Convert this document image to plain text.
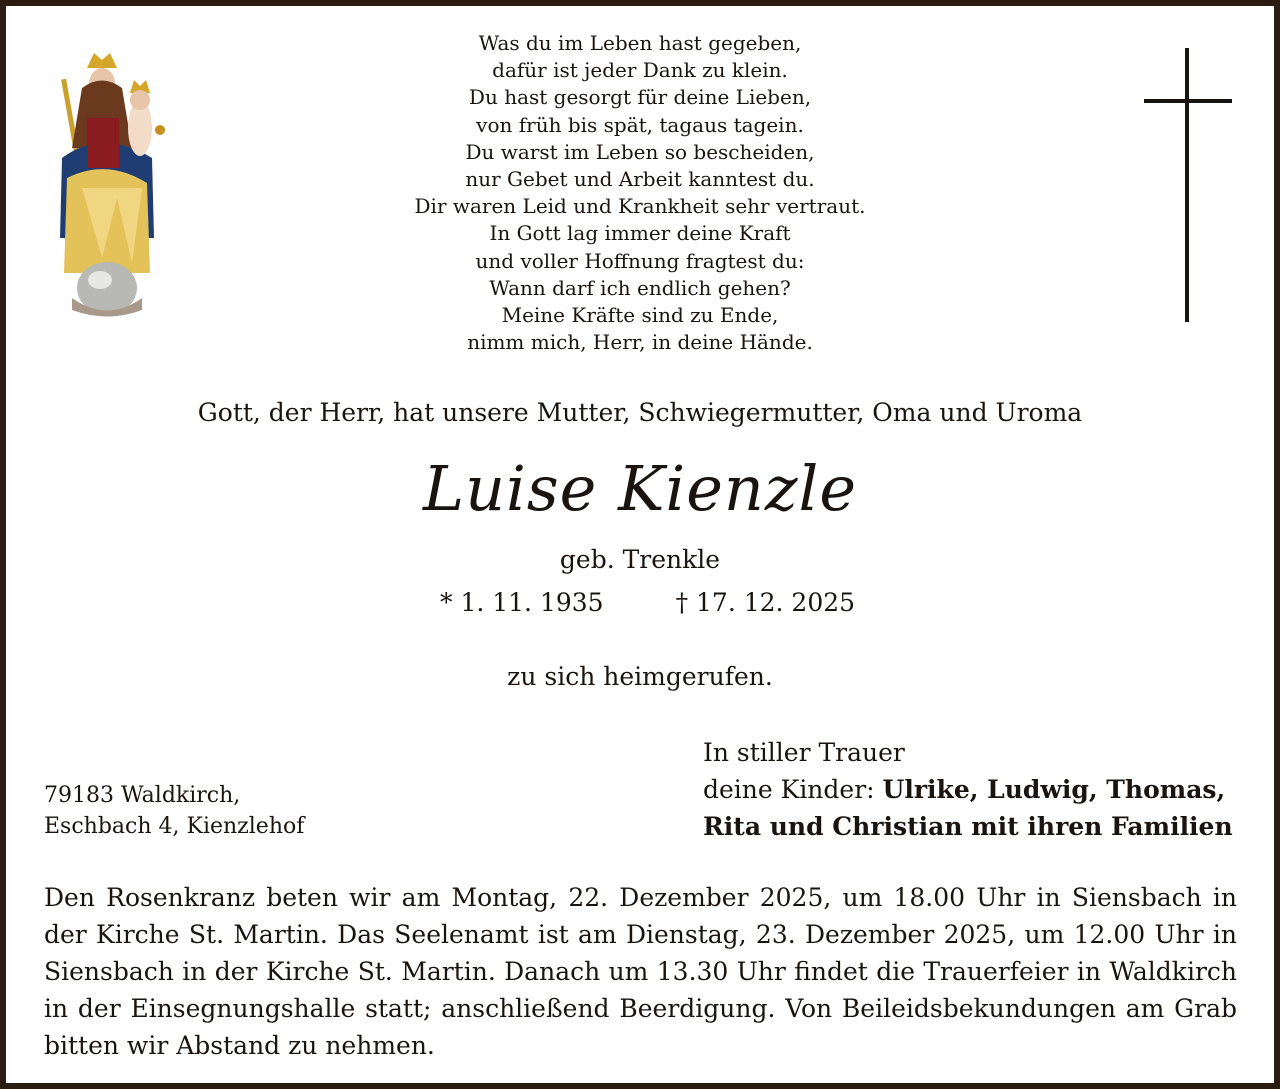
Was du im Leben hast gegeben,
dafür ist jeder Dank zu klein.
Du hast gesorgt für deine Lieben,
von früh bis spät, tagaus tagein.
Du warst im Leben so bescheiden,
nur Gebet und Arbeit kanntest du.
Dir waren Leid und Krankheit sehr vertraut.
In Gott lag immer deine Kraft
und voller Hoffnung fragtest du:
Wann darf ich endlich gehen?
Meine Kräfte sind zu Ende,
nimm mich, Herr, in deine Hände.
Gott, der Herr, hat unsere Mutter, Schwiegermutter, Oma und Uroma
Luise Kienzle
geb. Trenkle
* 1. 11. 1935	† 17. 12. 2025
zu sich heimgerufen.
79183 Waldkirch,
Eschbach 4, Kienzlehof
In stiller Trauer
deine Kinder: Ulrike, Ludwig, Thomas,
Rita und Christian mit ihren Familien
Den Rosenkranz beten wir am Montag, 22. Dezember 2025, um 18.00 Uhr in Siensbach in der Kirche St. Martin. Das Seelenamt ist am Dienstag, 23. Dezember 2025, um 12.00 Uhr in Siensbach in der Kirche St. Martin. Danach um 13.30 Uhr findet die Trauerfeier in Waldkirch in der Einsegnungshalle statt; anschließend Beerdigung. Von Beileidsbekundungen am Grab bitten wir Abstand zu nehmen.
